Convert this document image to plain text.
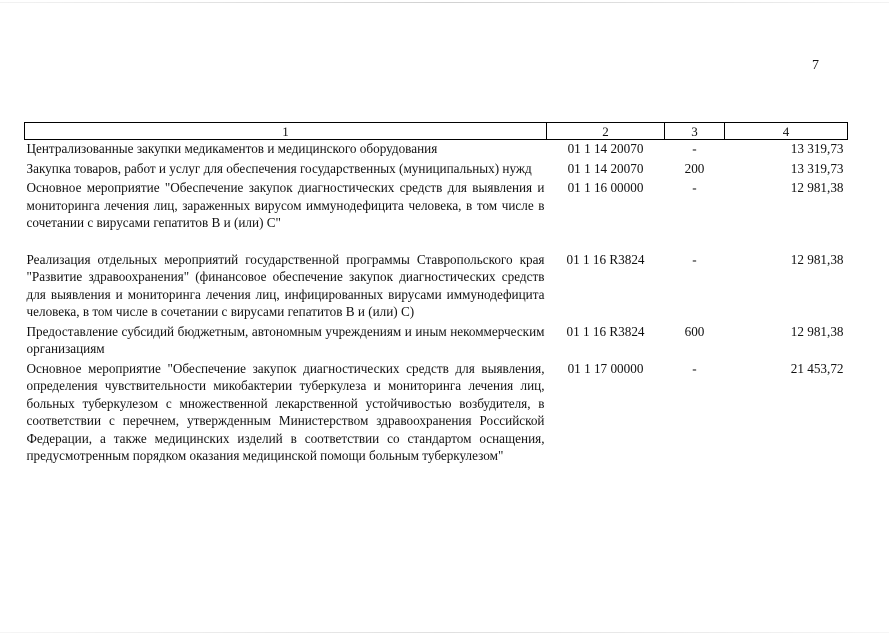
7
1	2	3	4
Централизованные закупки медикаментов и медицинского оборудования	01 1 14 20070	-	13 319,73
Закупка товаров, работ и услуг для обеспечения государственных (муниципальных) нужд	01 1 14 20070	200	13 319,73
Основное мероприятие "Обеспечение закупок диагностических средств для выявления и мониторинга лечения лиц, зараженных вирусом иммунодефицита человека, в том числе в сочетании с вирусами гепатитов В и (или) С"	01 1 16 00000	-	12 981,38
Реализация отдельных мероприятий государственной программы Ставропольского края "Развитие здравоохранения" (финансовое обеспечение закупок диагностических средств для выявления и мониторинга лечения лиц, инфицированных вирусами иммунодефицита человека, в том числе в сочетании с вирусами гепатитов В и (или) С)	01 1 16 R3824	-	12 981,38
Предоставление субсидий бюджетным, автономным учреждениям и иным некоммерческим организациям	01 1 16 R3824	600	12 981,38
Основное мероприятие "Обеспечение закупок диагностических средств для выявления, определения чувствительности микобактерии туберкулеза и мониторинга лечения лиц, больных туберкулезом с множественной лекарственной устойчивостью возбудителя, в соответствии с перечнем, утвержденным Министерством здравоохранения Российской Федерации, а также медицинских изделий в соответствии со стандартом оснащения, предусмотренным порядком оказания медицинской помощи больным туберкулезом"	01 1 17 00000	-	21 453,72
